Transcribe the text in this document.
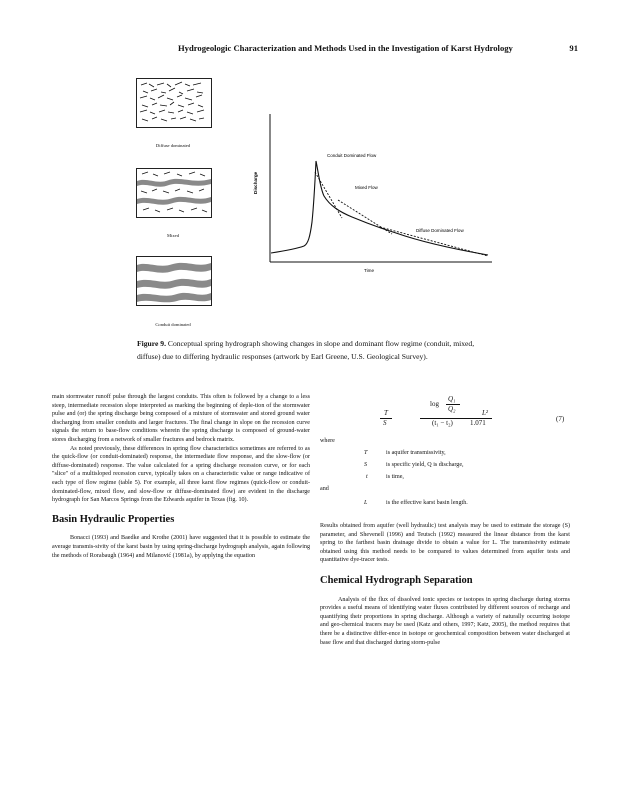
Hydrogeologic Characterization and Methods Used in the Investigation of Karst Hydrology	91
Diffuse dominated
Mixed
Conduit dominated
Conduit Dominated Flow
Mixed Flow
Diffuse Dominated Flow
Discharge
Time
Figure 9. Conceptual spring hydrograph showing changes in slope and dominant flow regime (conduit, mixed, diffuse) due to differing hydraulic responses (artwork by Earl Greene, U.S. Geological Survey).

main stormwater runoff pulse through the largest conduits. This often is followed by a change to a less steep, intermediate recession slope interpreted as marking the beginning of deple-tion of the stormwater pulse and (or) the spring discharge being composed of a mixture of stormwater and stored ground water discharging from smaller conduits and larger fractures. The final change in slope on the recession curve signals the return to base-flow conditions wherein the spring discharge is composed of ground-water stores discharging from a network of smaller fractures and bedrock matrix.

As noted previously, these differences in spring flow characteristics sometimes are referred to as the quick-flow (or conduit-dominated) response, the intermediate flow response, and the slow-flow (or diffuse-dominated) response. The value calculated for a spring discharge recession curve, or for each "slice" of a multisloped recession curve, typically takes on a characteristic value or range indicative of each type of flow regime (table 5). For example, all three karst flow regimes (quick-flow or conduit-dominated-flow, mixed flow, and slow-flow or diffuse-dominated flow) are evident in the discharge hydrograph for San Marcos Springs from the Edwards aquifer in Texas (fig. 10).

Basin Hydraulic Properties

Bonacci (1993) and Baedke and Krothe (2001) have suggested that it is possible to estimate the average transmis-sivity of the karst basin by using spring-discharge hydrograph analysis, again following the methods of Rorabaugh (1964) and Milanović (1981a), by applying the equation

T
S
log
Q₁
Q₂
(t₁ − t₂) 1.071
L²
(7)
where
T	is aquifer transmissivity,
S	is specific yield, Q is discharge,
t	is time,
and
L	is the effective karst basin length.

Results obtained from aquifer (well hydraulic) test analysis may be used to estimate the storage (S) parameter, and Shevenell (1996) and Teutsch (1992) measured the linear distance from the karst spring to the farthest basin drainage divide to obtain a value for L. The transmissivity estimate obtained using this method needs to be compared to values determined from aquifer tests and quantitative dye-tracer tests.

Chemical Hydrograph Separation

Analysis of the flux of dissolved ionic species or isotopes in spring discharge during storms provides a useful means of identifying water fluxes contributed by different sources of recharge and quantifying their proportions in spring discharge. Although a variety of naturally occurring isotope and geo-chemical tracers may be used (Katz and others, 1997; Katz, 2005), the method requires that there be a distinctive differ-ence in isotope or geochemical composition between water discharged at base flow and that discharged during storm-pulse
